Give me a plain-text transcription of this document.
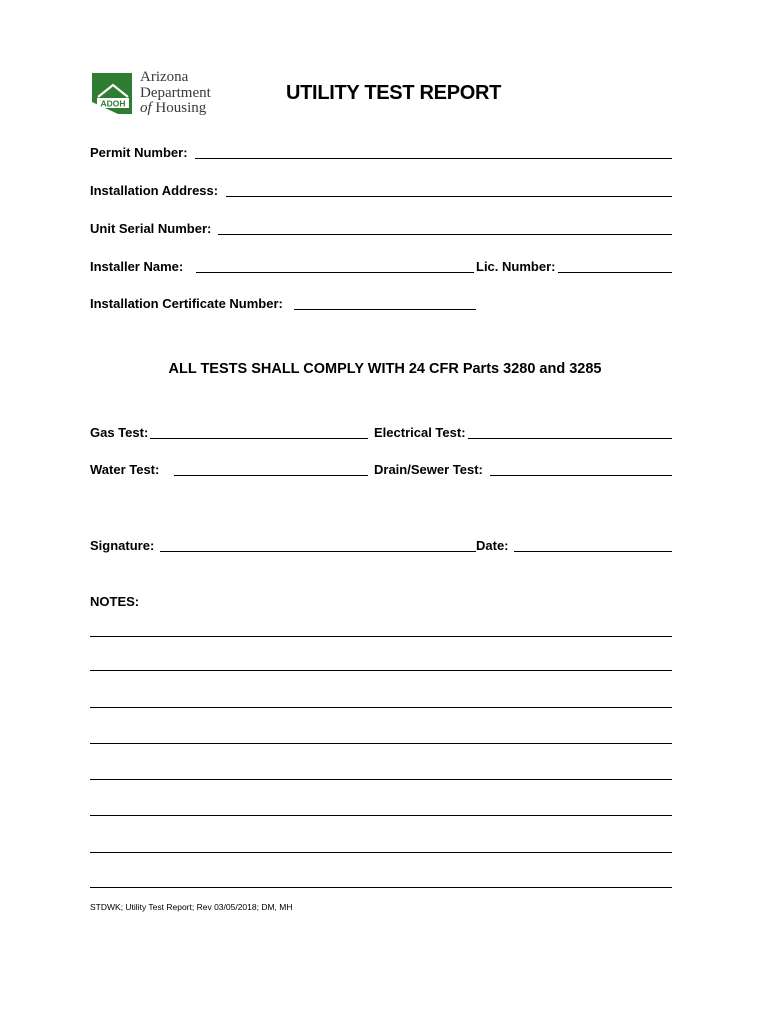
ADOH
Arizona
Department
of Housing
UTILITY TEST REPORT
Permit Number:
Installation Address:
Unit Serial Number:
Installer Name:	Lic. Number:
Installation Certificate Number:
ALL TESTS SHALL COMPLY WITH 24 CFR Parts 3280 and 3285
Gas Test:	Electrical Test:
Water Test:	Drain/Sewer Test:
Signature:	Date:
NOTES:
STDWK; Utility Test Report; Rev 03/05/2018; DM, MH
